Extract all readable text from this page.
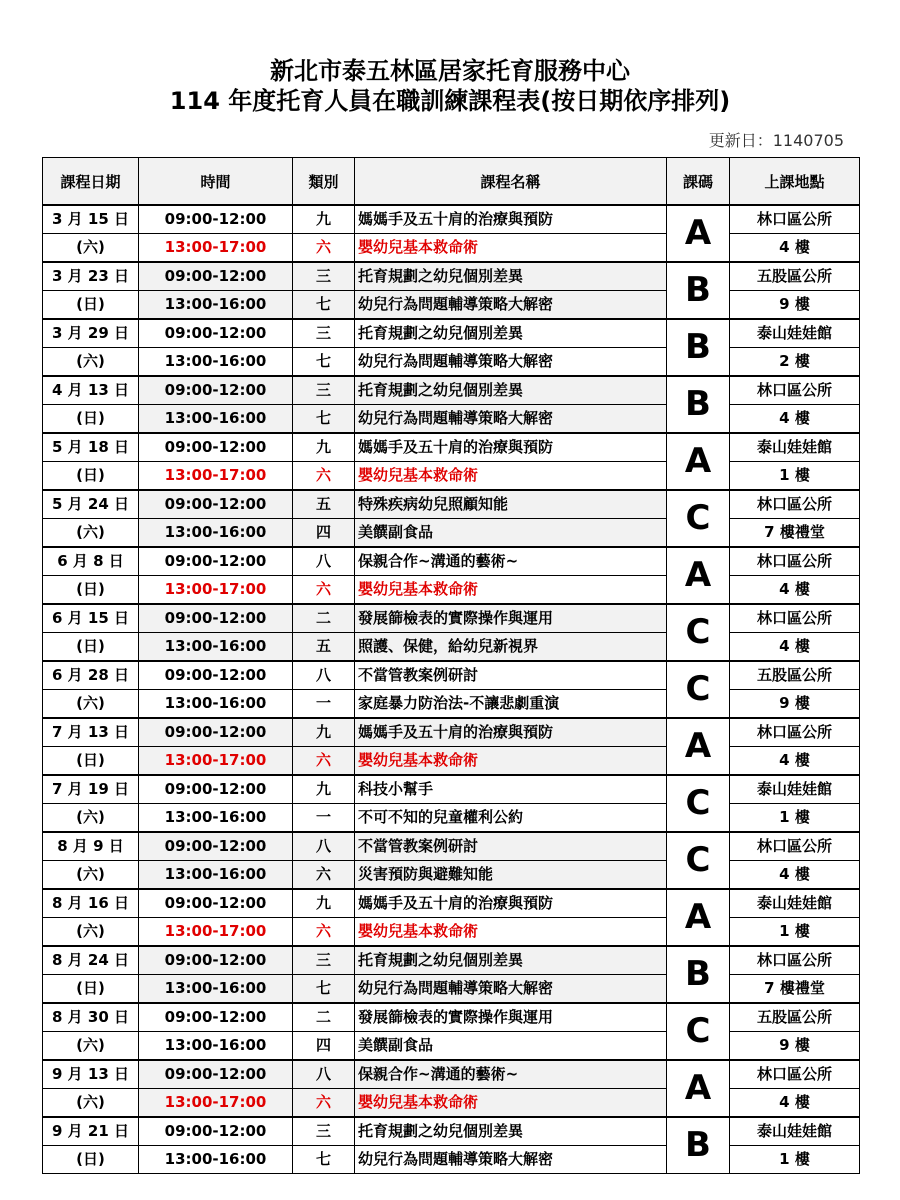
新北市泰五林區居家托育服務中心
114 年度托育人員在職訓練課程表(按日期依序排列)
更新日：1140705
課程日期	時間	類別	課程名稱	課碼	上課地點
3 月 15 日	09:00-12:00	九	媽媽手及五十肩的治療與預防	A	林口區公所
(六)	13:00-17:00	六	嬰幼兒基本救命術		4 樓
3 月 23 日	09:00-12:00	三	托育規劃之幼兒個別差異	B	五股區公所
(日)	13:00-16:00	七	幼兒行為問題輔導策略大解密		9 樓
3 月 29 日	09:00-12:00	三	托育規劃之幼兒個別差異	B	泰山娃娃館
(六)	13:00-16:00	七	幼兒行為問題輔導策略大解密		2 樓
4 月 13 日	09:00-12:00	三	托育規劃之幼兒個別差異	B	林口區公所
(日)	13:00-16:00	七	幼兒行為問題輔導策略大解密		4 樓
5 月 18 日	09:00-12:00	九	媽媽手及五十肩的治療與預防	A	泰山娃娃館
(日)	13:00-17:00	六	嬰幼兒基本救命術		1 樓
5 月 24 日	09:00-12:00	五	特殊疾病幼兒照顧知能	C	林口區公所
(六)	13:00-16:00	四	美饌副食品		7 樓禮堂
6 月 8 日	09:00-12:00	八	保親合作~溝通的藝術~	A	林口區公所
(日)	13:00-17:00	六	嬰幼兒基本救命術		4 樓
6 月 15 日	09:00-12:00	二	發展篩檢表的實際操作與運用	C	林口區公所
(日)	13:00-16:00	五	照護、保健，給幼兒新視界		4 樓
6 月 28 日	09:00-12:00	八	不當管教案例研討	C	五股區公所
(六)	13:00-16:00	一	家庭暴力防治法-不讓悲劇重演		9 樓
7 月 13 日	09:00-12:00	九	媽媽手及五十肩的治療與預防	A	林口區公所
(日)	13:00-17:00	六	嬰幼兒基本救命術		4 樓
7 月 19 日	09:00-12:00	九	科技小幫手	C	泰山娃娃館
(六)	13:00-16:00	一	不可不知的兒童權利公約		1 樓
8 月 9 日	09:00-12:00	八	不當管教案例研討	C	林口區公所
(六)	13:00-16:00	六	災害預防與避難知能		4 樓
8 月 16 日	09:00-12:00	九	媽媽手及五十肩的治療與預防	A	泰山娃娃館
(六)	13:00-17:00	六	嬰幼兒基本救命術		1 樓
8 月 24 日	09:00-12:00	三	托育規劃之幼兒個別差異	B	林口區公所
(日)	13:00-16:00	七	幼兒行為問題輔導策略大解密		7 樓禮堂
8 月 30 日	09:00-12:00	二	發展篩檢表的實際操作與運用	C	五股區公所
(六)	13:00-16:00	四	美饌副食品		9 樓
9 月 13 日	09:00-12:00	八	保親合作~溝通的藝術~	A	林口區公所
(六)	13:00-17:00	六	嬰幼兒基本救命術		4 樓
9 月 21 日	09:00-12:00	三	托育規劃之幼兒個別差異	B	泰山娃娃館
(日)	13:00-16:00	七	幼兒行為問題輔導策略大解密		1 樓
